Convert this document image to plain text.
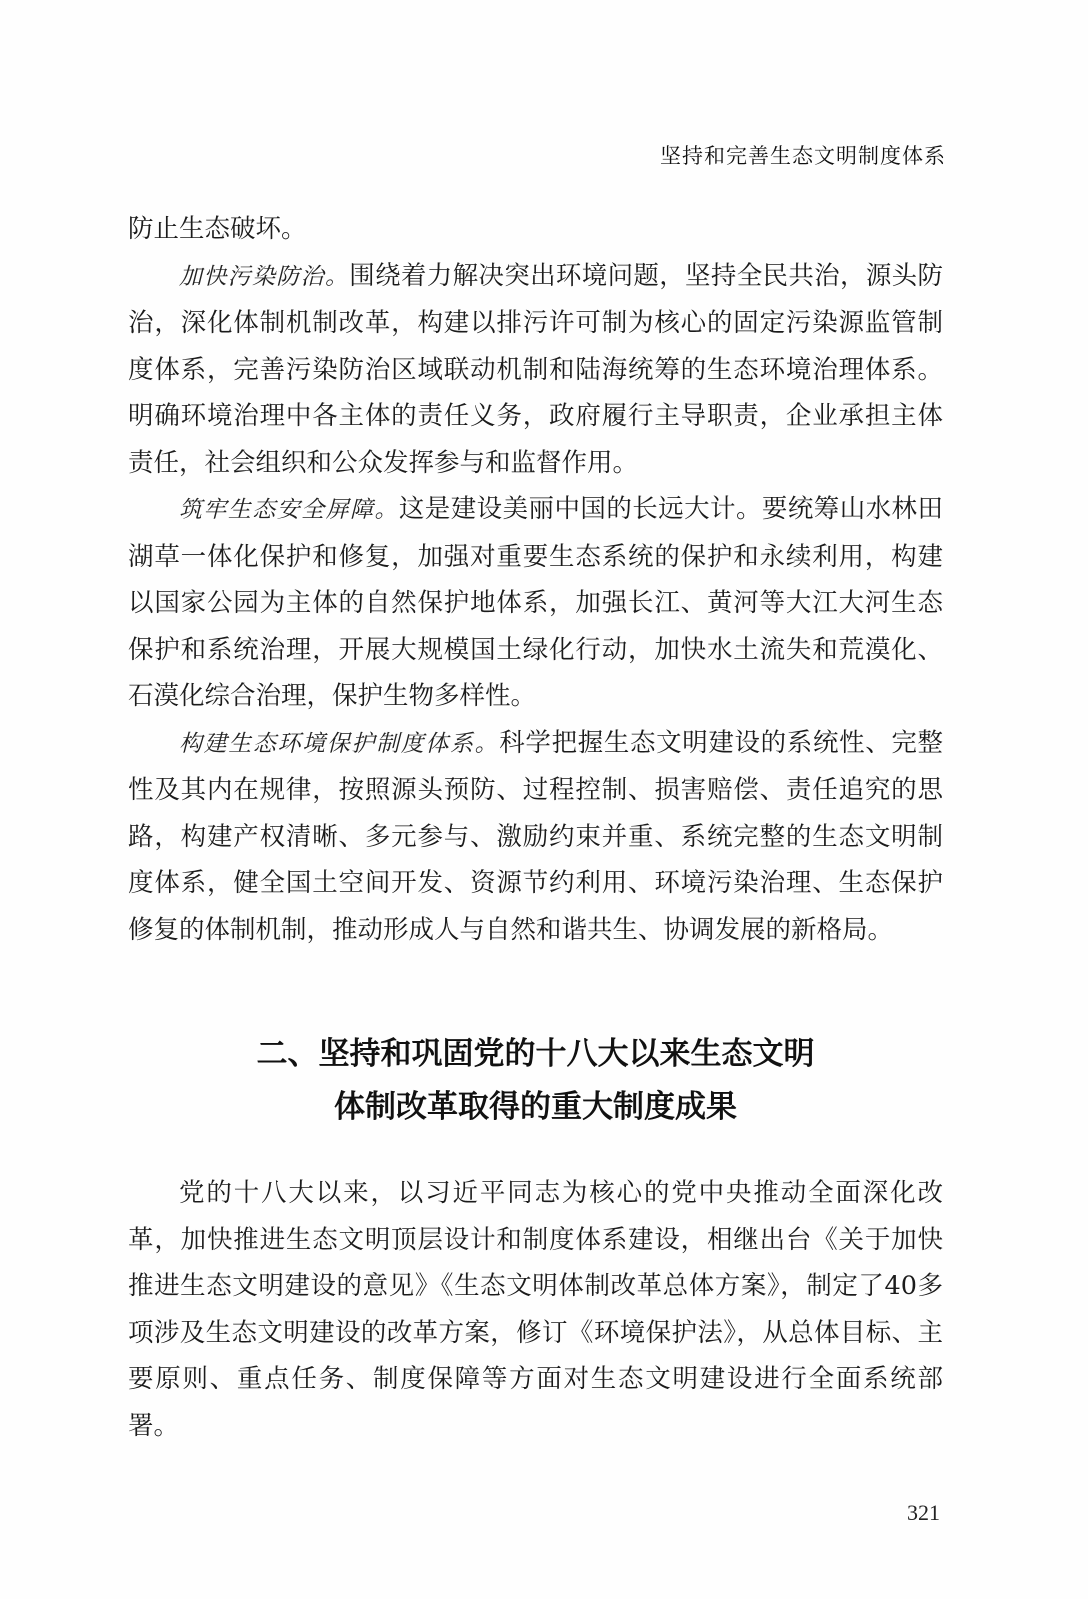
坚持和完善生态文明制度体系

防止生态破坏。

加快污染防治。围绕着力解决突出环境问题，坚持全民共治，源头防治，深化体制机制改革，构建以排污许可制为核心的固定污染源监管制度体系，完善污染防治区域联动机制和陆海统筹的生态环境治理体系。明确环境治理中各主体的责任义务，政府履行主导职责，企业承担主体责任，社会组织和公众发挥参与和监督作用。

筑牢生态安全屏障。这是建设美丽中国的长远大计。要统筹山水林田湖草一体化保护和修复，加强对重要生态系统的保护和永续利用，构建以国家公园为主体的自然保护地体系，加强长江、黄河等大江大河生态保护和系统治理，开展大规模国土绿化行动，加快水土流失和荒漠化、石漠化综合治理，保护生物多样性。

构建生态环境保护制度体系。科学把握生态文明建设的系统性、完整性及其内在规律，按照源头预防、过程控制、损害赔偿、责任追究的思路，构建产权清晰、多元参与、激励约束并重、系统完整的生态文明制度体系，健全国土空间开发、资源节约利用、环境污染治理、生态保护修复的体制机制，推动形成人与自然和谐共生、协调发展的新格局。

二、坚持和巩固党的十八大以来生态文明
体制改革取得的重大制度成果

党的十八大以来，以习近平同志为核心的党中央推动全面深化改革，加快推进生态文明顶层设计和制度体系建设，相继出台《关于加快推进生态文明建设的意见》《生态文明体制改革总体方案》，制定了40多项涉及生态文明建设的改革方案，修订《环境保护法》，从总体目标、主要原则、重点任务、制度保障等方面对生态文明建设进行全面系统部署。

321
